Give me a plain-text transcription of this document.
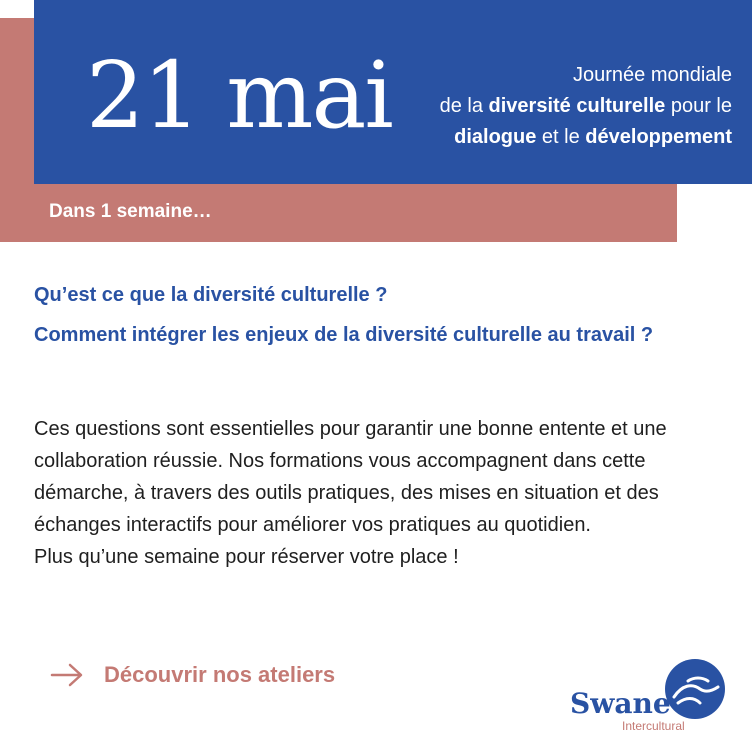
21 mai	Journée mondiale
de la diversité culturelle pour le
dialogue et le développement
Dans 1 semaine…
Qu’est ce que la diversité culturelle ?
Comment intégrer les enjeux de la diversité culturelle au travail ?

Ces questions sont essentielles pour garantir une bonne entente et une collaboration réussie. Nos formations vous accompagnent dans cette démarche, à travers des outils pratiques, des mises en situation et des échanges interactifs pour améliorer vos pratiques au quotidien.

Plus qu’une semaine pour réserver votre place !

Découvrir nos ateliers
Swane
Intercultural
